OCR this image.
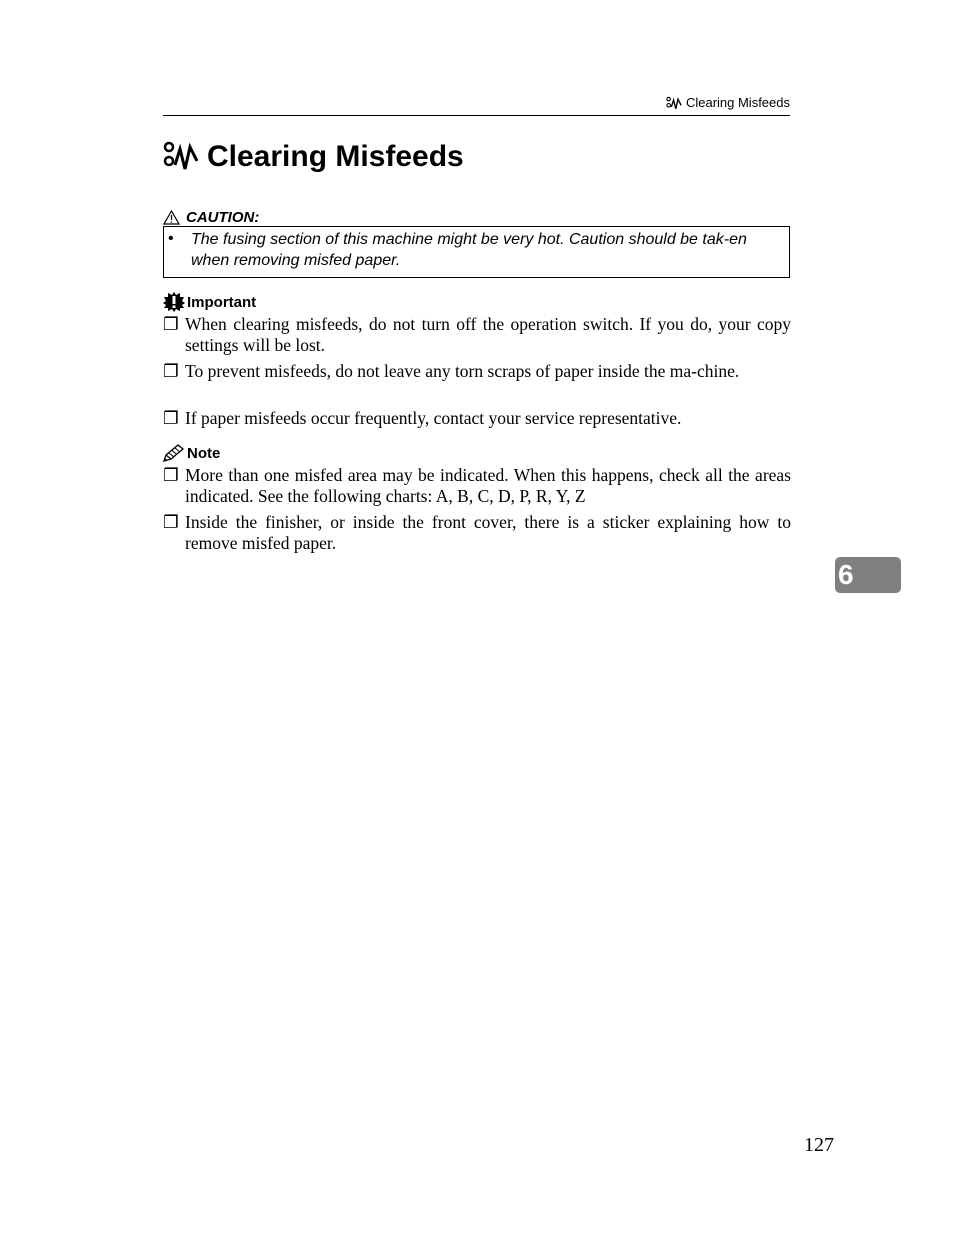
Clearing Misfeeds
Clearing Misfeeds
CAUTION:
• The fusing section of this machine might be very hot. Caution should be tak-en when removing misfed paper.
Important
❐ When clearing misfeeds, do not turn off the operation switch. If you do, your copy settings will be lost.
❐ To prevent misfeeds, do not leave any torn scraps of paper inside the ma-chine.
❐ If paper misfeeds occur frequently, contact your service representative.
Note
❐ More than one misfed area may be indicated. When this happens, check all the areas indicated. See the following charts: A, B, C, D, P, R, Y, Z
❐ Inside the finisher, or inside the front cover, there is a sticker explaining how to remove misfed paper.
6
127
